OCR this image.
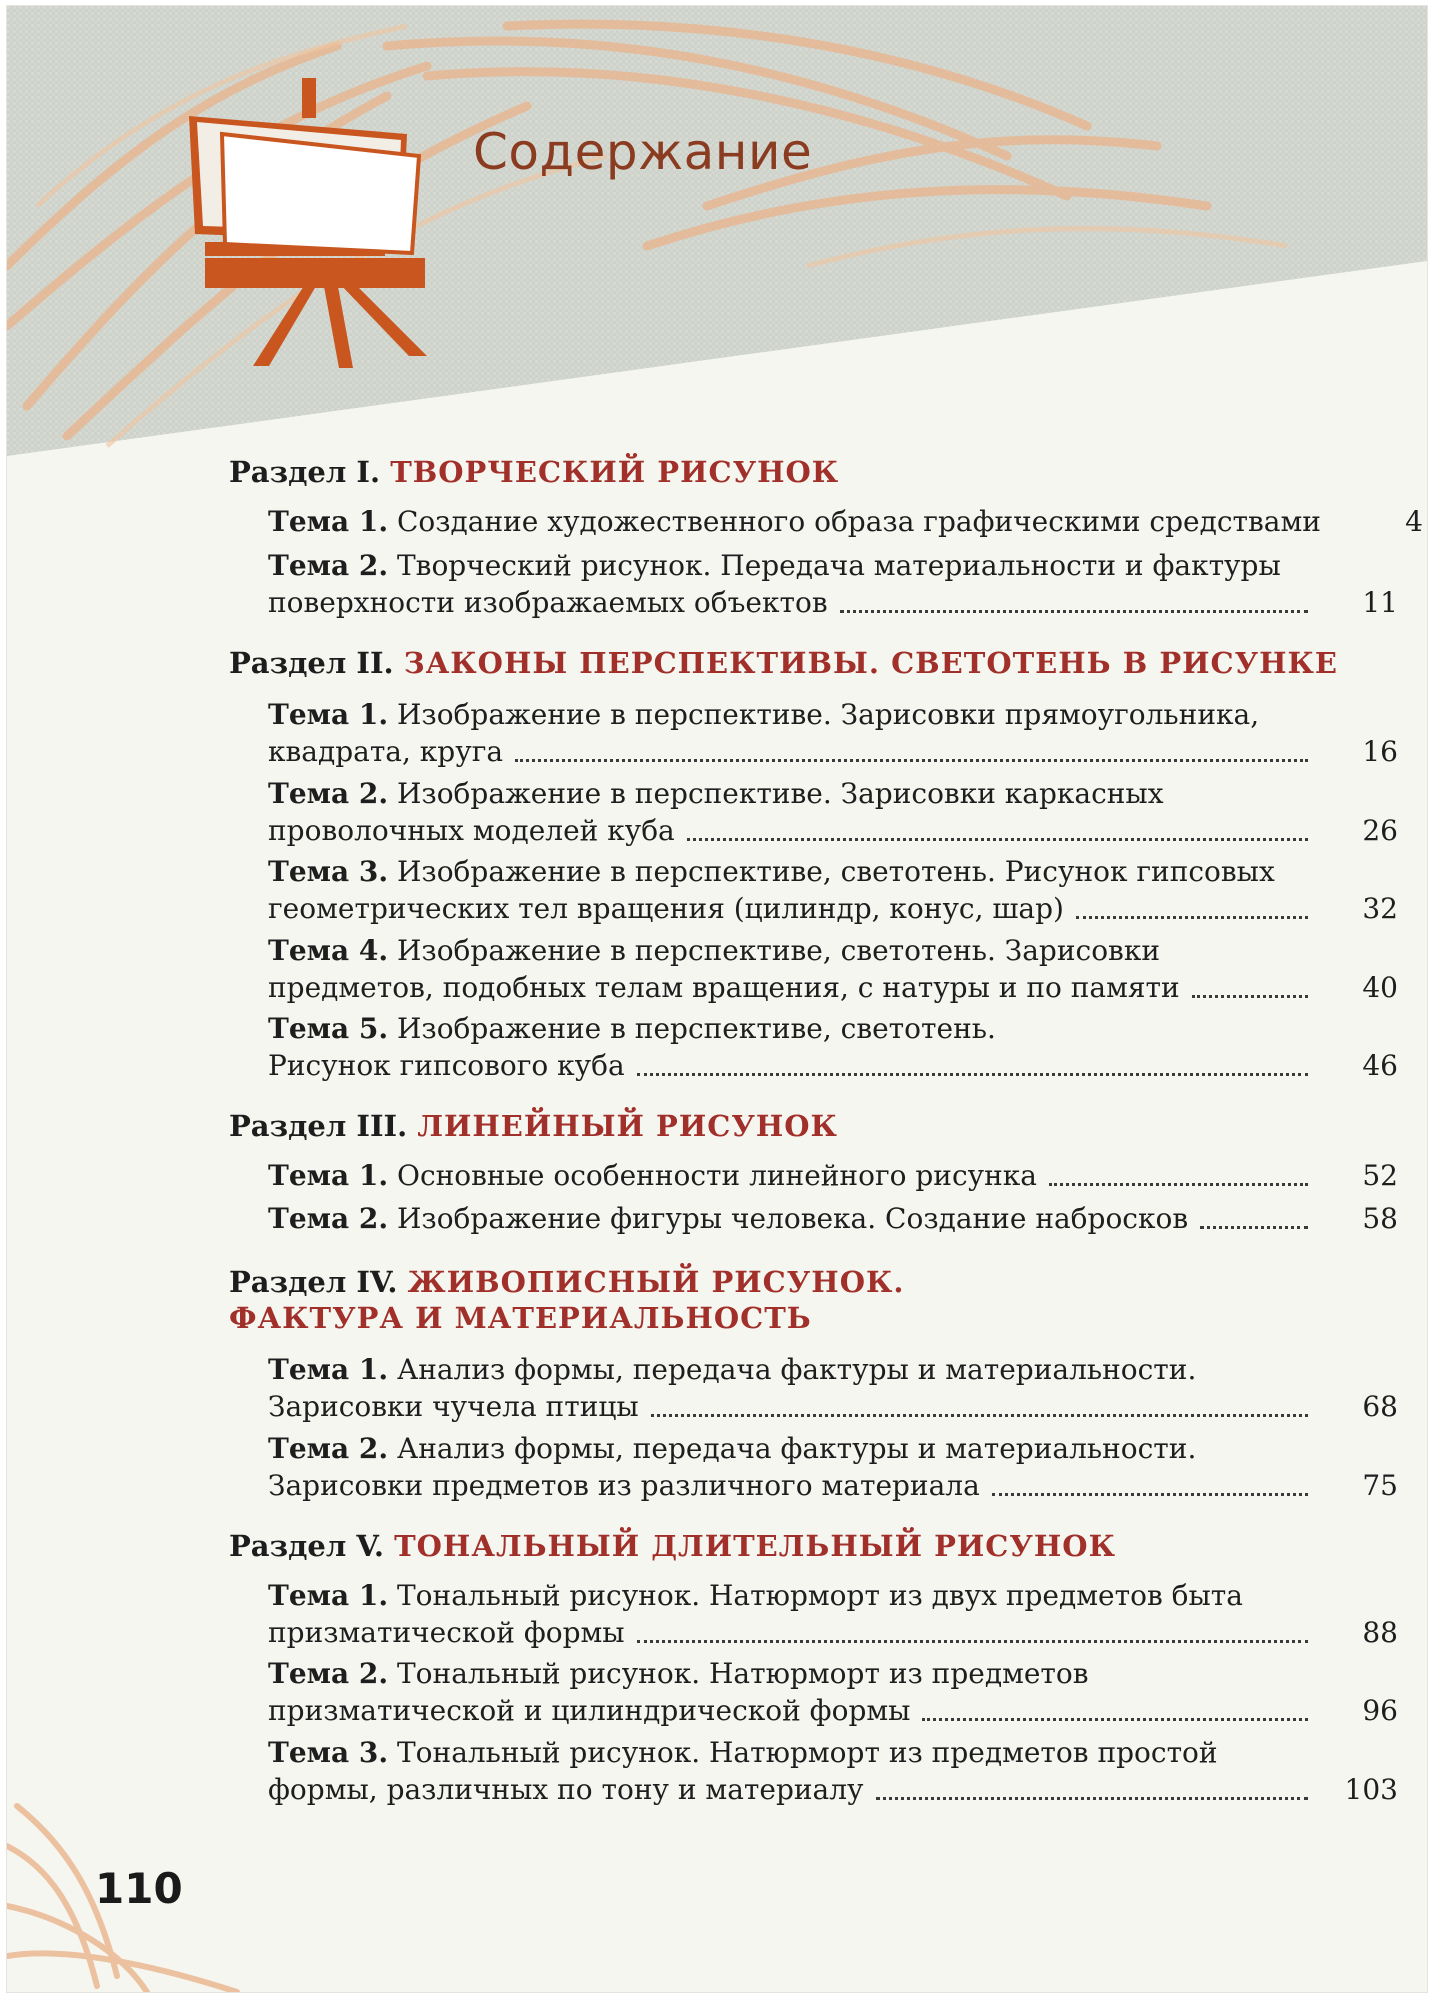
Содержание
Раздел I. ТВОРЧЕСКИЙ РИСУНОК
Тема 1. Создание художественного образа графическими средствами	4
Тема 2. Творческий рисунок. Передача материальности и фактуры
поверхности изображаемых объектов	11
Раздел II. ЗАКОНЫ ПЕРСПЕКТИВЫ. СВЕТОТЕНЬ В РИСУНКЕ
Тема 1. Изображение в перспективе. Зарисовки прямоугольника,
квадрата, круга	16
Тема 2. Изображение в перспективе. Зарисовки каркасных
проволочных моделей куба	26
Тема 3. Изображение в перспективе, светотень. Рисунок гипсовых
геометрических тел вращения (цилиндр, конус, шар)	32
Тема 4. Изображение в перспективе, светотень. Зарисовки
предметов, подобных телам вращения, с натуры и по памяти	40
Тема 5. Изображение в перспективе, светотень.
Рисунок гипсового куба	46
Раздел III. ЛИНЕЙНЫЙ РИСУНОК
Тема 1. Основные особенности линейного рисунка	52
Тема 2. Изображение фигуры человека. Создание набросков	58
Раздел IV. ЖИВОПИСНЫЙ РИСУНОК.
ФАКТУРА И МАТЕРИАЛЬНОСТЬ
Тема 1. Анализ формы, передача фактуры и материальности.
Зарисовки чучела птицы	68
Тема 2. Анализ формы, передача фактуры и материальности.
Зарисовки предметов из различного материала	75
Раздел V. ТОНАЛЬНЫЙ ДЛИТЕЛЬНЫЙ РИСУНОК
Тема 1. Тональный рисунок. Натюрморт из двух предметов быта
призматической формы	88
Тема 2. Тональный рисунок. Натюрморт из предметов
призматической и цилиндрической формы	96
Тема 3. Тональный рисунок. Натюрморт из предметов простой
формы, различных по тону и материалу	103
110
